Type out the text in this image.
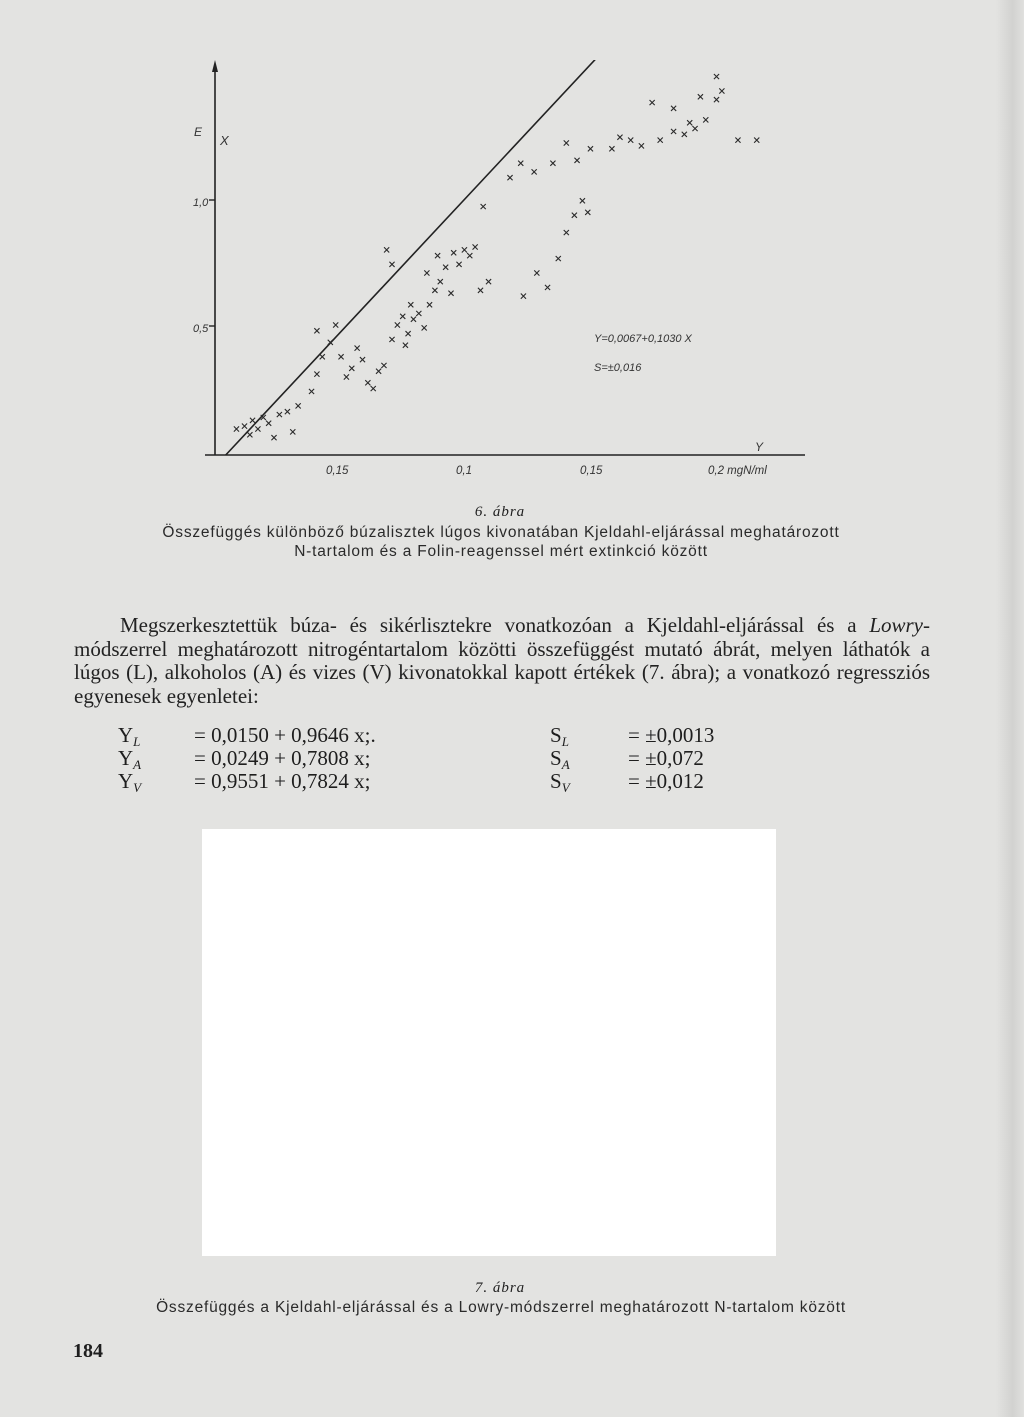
E
X
1,0
0,5
0,15	0,1	0,15	0,2 mgN/ml
Y
Y=0,0067+0,1030 X
S=±0,016
6. ábra
Összefüggés különböző búzalisztek lúgos kivonatában Kjeldahl-eljárással meghatározott
N-tartalom és a Folin-reagenssel mért extinkció között

Megszerkesztettük búza- és sikérlisztekre vonatkozóan a Kjeldahl-eljárással és a Lowry-módszerrel meghatározott nitrogéntartalom közötti összefüggést mutató ábrát, melyen láthatók a lúgos (L), alkoholos (A) és vizes (V) kivonatokkal kapott értékek (7. ábra); a vonatkozó regressziós egyenesek egyenletei:

$Y_L$	= 0,0150 + 0,9646 x;.	$S_L$	= ±0,0013
$Y_A$	= 0,0249 + 0,7808 x;	$S_A$	= ±0,072
$Y_V$	= 0,9551 + 0,7824 x;	$S_V$	= ±0,012
7. ábra
Összefüggés a Kjeldahl-eljárással és a Lowry-módszerrel meghatározott N-tartalom között
184
